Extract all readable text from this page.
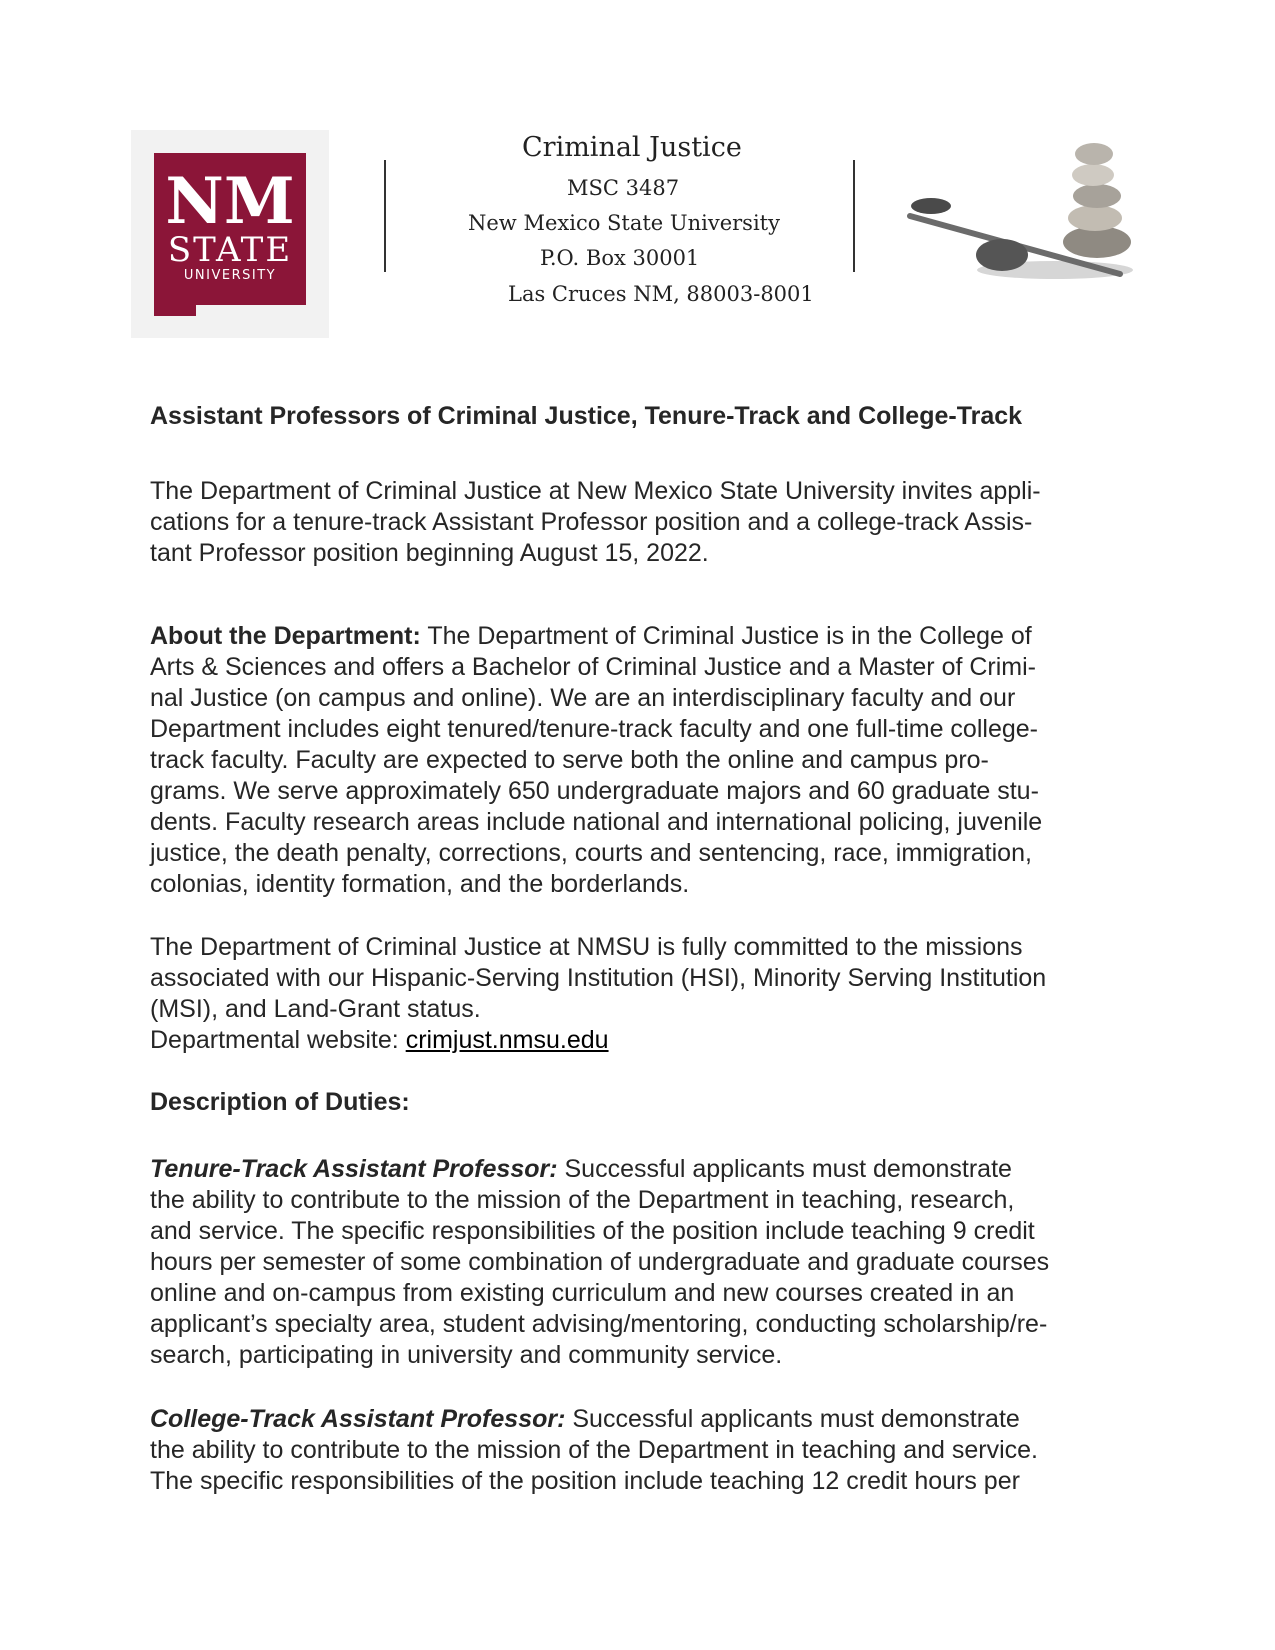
NM
STATE
UNIVERSITY
Criminal Justice
MSC 3487
New Mexico State University
P.O. Box 30001
Las Cruces NM, 88003-8001
Assistant Professors of Criminal Justice, Tenure-Track and College-Track
The Department of Criminal Justice at New Mexico State University invites appli-
cations for a tenure-track Assistant Professor position and a college-track Assis-
tant Professor position beginning August 15, 2022.
About the Department: The Department of Criminal Justice is in the College of
Arts & Sciences and offers a Bachelor of Criminal Justice and a Master of Crimi-
nal Justice (on campus and online). We are an interdisciplinary faculty and our
Department includes eight tenured/tenure-track faculty and one full-time college-
track faculty. Faculty are expected to serve both the online and campus pro-
grams. We serve approximately 650 undergraduate majors and 60 graduate stu-
dents. Faculty research areas include national and international policing, juvenile
justice, the death penalty, corrections, courts and sentencing, race, immigration,
colonias, identity formation, and the borderlands.
The Department of Criminal Justice at NMSU is fully committed to the missions
associated with our Hispanic-Serving Institution (HSI), Minority Serving Institution
(MSI), and Land-Grant status.
Departmental website: crimjust.nmsu.edu
Description of Duties:
Tenure-Track Assistant Professor: Successful applicants must demonstrate
the ability to contribute to the mission of the Department in teaching, research,
and service. The specific responsibilities of the position include teaching 9 credit
hours per semester of some combination of undergraduate and graduate courses
online and on-campus from existing curriculum and new courses created in an
applicant’s specialty area, student advising/mentoring, conducting scholarship/re-
search, participating in university and community service.
College-Track Assistant Professor: Successful applicants must demonstrate
the ability to contribute to the mission of the Department in teaching and service.
The specific responsibilities of the position include teaching 12 credit hours per
